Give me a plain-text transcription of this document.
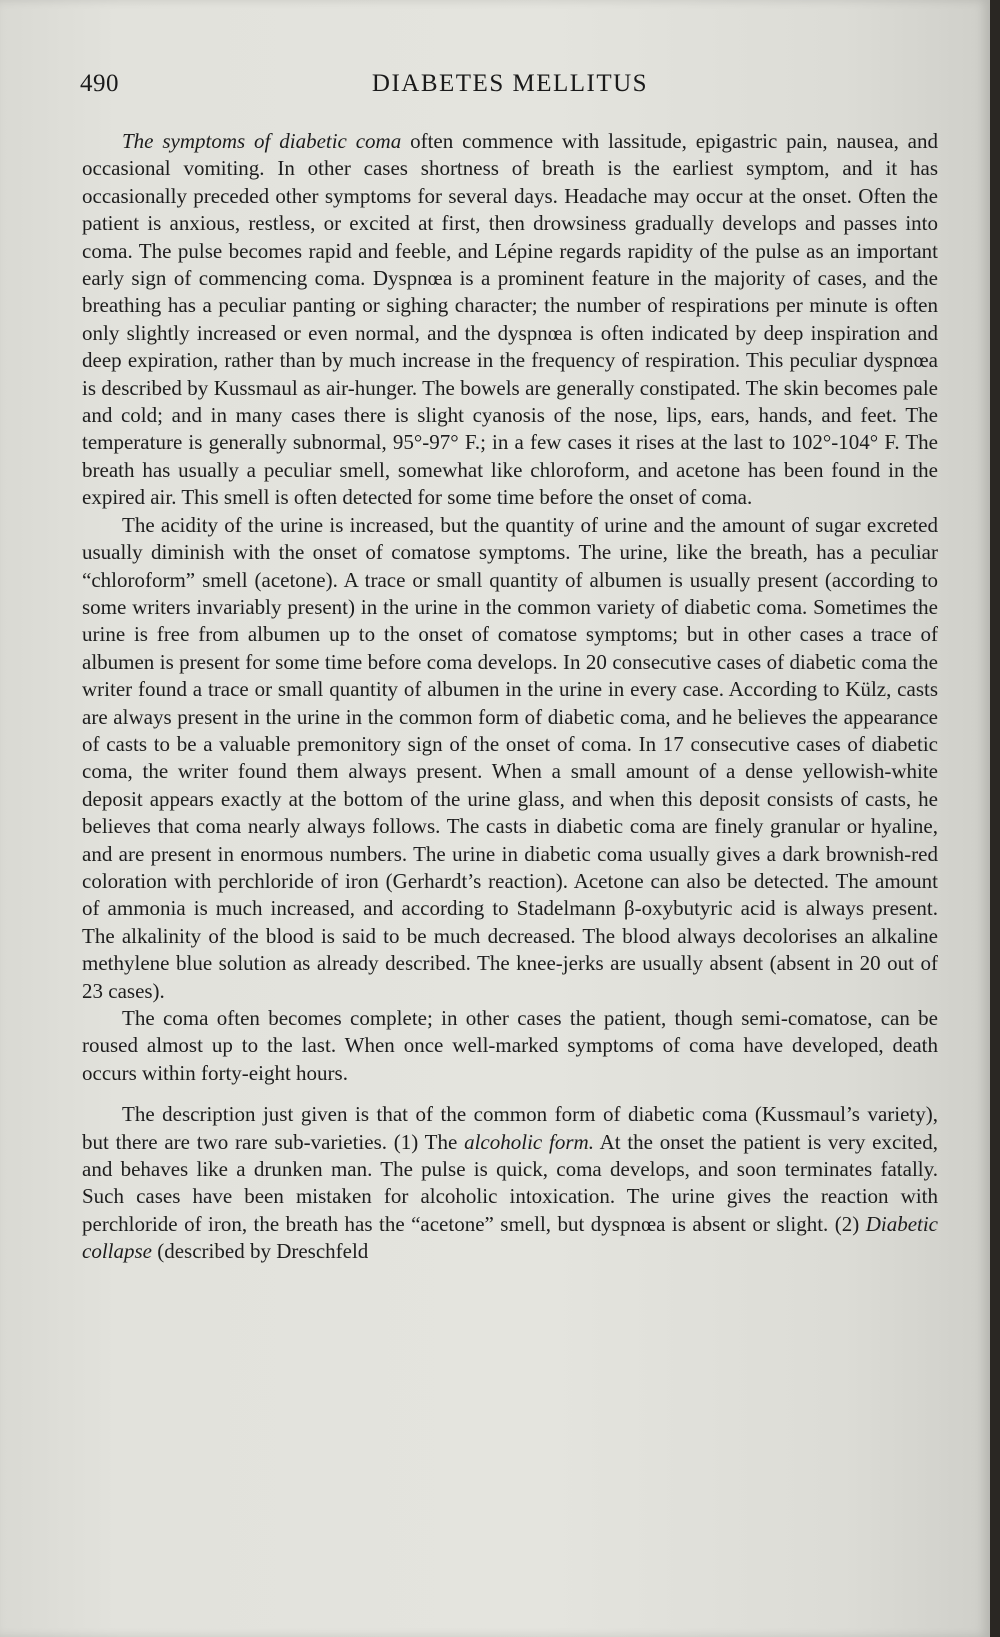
490	DIABETES MELLITUS

The symptoms of diabetic coma often commence with lassitude, epigastric pain, nausea, and occasional vomiting. In other cases shortness of breath is the earliest symptom, and it has occasionally preceded other symptoms for several days. Headache may occur at the onset. Often the patient is anxious, restless, or excited at first, then drowsiness gradually develops and passes into coma. The pulse becomes rapid and feeble, and Lépine regards rapidity of the pulse as an important early sign of commencing coma. Dyspnœa is a prominent feature in the majority of cases, and the breathing has a peculiar panting or sighing character; the number of respirations per minute is often only slightly increased or even normal, and the dyspnœa is often indicated by deep inspiration and deep expiration, rather than by much increase in the frequency of respiration. This peculiar dyspnœa is described by Kussmaul as air-hunger. The bowels are generally constipated. The skin becomes pale and cold; and in many cases there is slight cyanosis of the nose, lips, ears, hands, and feet. The temperature is generally subnormal, 95°-97° F.; in a few cases it rises at the last to 102°-104° F. The breath has usually a peculiar smell, somewhat like chloroform, and acetone has been found in the expired air. This smell is often detected for some time before the onset of coma.

The acidity of the urine is increased, but the quantity of urine and the amount of sugar excreted usually diminish with the onset of comatose symptoms. The urine, like the breath, has a peculiar “chloroform” smell (acetone). A trace or small quantity of albumen is usually present (according to some writers invariably present) in the urine in the common variety of diabetic coma. Sometimes the urine is free from albumen up to the onset of comatose symptoms; but in other cases a trace of albumen is present for some time before coma develops. In 20 consecutive cases of diabetic coma the writer found a trace or small quantity of albumen in the urine in every case. According to Külz, casts are always present in the urine in the common form of diabetic coma, and he believes the appearance of casts to be a valuable premonitory sign of the onset of coma. In 17 consecutive cases of diabetic coma, the writer found them always present. When a small amount of a dense yellowish-white deposit appears exactly at the bottom of the urine glass, and when this deposit consists of casts, he believes that coma nearly always follows. The casts in diabetic coma are finely granular or hyaline, and are present in enormous numbers. The urine in diabetic coma usually gives a dark brownish-red coloration with perchloride of iron (Gerhardt’s reaction). Acetone can also be detected. The amount of ammonia is much increased, and according to Stadelmann β-oxybutyric acid is always present. The alkalinity of the blood is said to be much decreased. The blood always decolorises an alkaline methylene blue solution as already described. The knee-jerks are usually absent (absent in 20 out of 23 cases).

The coma often becomes complete; in other cases the patient, though semi-comatose, can be roused almost up to the last. When once well-marked symptoms of coma have developed, death occurs within forty-eight hours.

The description just given is that of the common form of diabetic coma (Kussmaul’s variety), but there are two rare sub-varieties. (1) The alcoholic form. At the onset the patient is very excited, and behaves like a drunken man. The pulse is quick, coma develops, and soon terminates fatally. Such cases have been mistaken for alcoholic intoxication. The urine gives the reaction with perchloride of iron, the breath has the “acetone” smell, but dyspnœa is absent or slight. (2) Diabetic collapse (described by Dreschfeld
